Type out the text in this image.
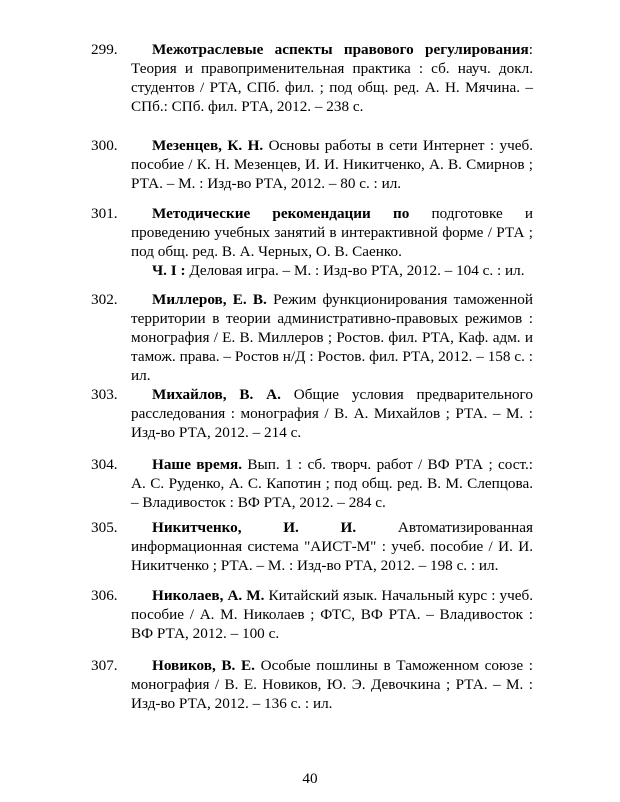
299.	Межотраслевые аспекты правового регулирования: Теория и правоприменительная практика : сб. науч. докл. студентов / РТА, СПб. фил. ; под общ. ред. А. Н. Мячина. – СПб.: СПб. фил. РТА, 2012. – 238 с.
300.	Мезенцев, К. Н. Основы работы в сети Интернет : учеб. пособие / К. Н. Мезенцев, И. И. Никитченко, А. В. Смирнов ; РТА. – М. : Изд-во РТА, 2012. – 80 с. : ил.
301.	Методические рекомендации по подготовке и проведению учебных занятий в интерактивной форме / РТА ; под общ. ред. В. А. Черных, О. В. Саенко.
Ч. I : Деловая игра. – М. : Изд-во РТА, 2012. – 104 с. : ил.
302.	Миллеров, Е. В. Режим функционирования таможенной территории в теории административно-правовых режимов : монография / Е. В. Миллеров ; Ростов. фил. РТА, Каф. адм. и тамож. права. – Ростов н/Д : Ростов. фил. РТА, 2012. – 158 с. : ил.
303.	Михайлов, В. А. Общие условия предварительного расследования : монография / В. А. Михайлов ; РТА. – М. : Изд-во РТА, 2012. – 214 с.
304.	Наше время. Вып. 1 : сб. творч. работ / ВФ РТА ; сост.: А. С. Руденко, А. С. Капотин ; под общ. ред. В. М. Слепцова. – Владивосток : ВФ РТА, 2012. – 284 с.
305.	Никитченко, И. И. Автоматизированная информационная система "АИСТ-М" : учеб. пособие / И. И. Никитченко ; РТА. – М. : Изд-во РТА, 2012. – 198 с. : ил.
306.	Николаев, А. М. Китайский язык. Начальный курс : учеб. пособие / А. М. Николаев ; ФТС, ВФ РТА. – Владивосток : ВФ РТА, 2012. – 100 с.
307.	Новиков, В. Е. Особые пошлины в Таможенном союзе : монография / В. Е. Новиков, Ю. Э. Девочкина ; РТА. – М. : Изд-во РТА, 2012. – 136 с. : ил.
40
